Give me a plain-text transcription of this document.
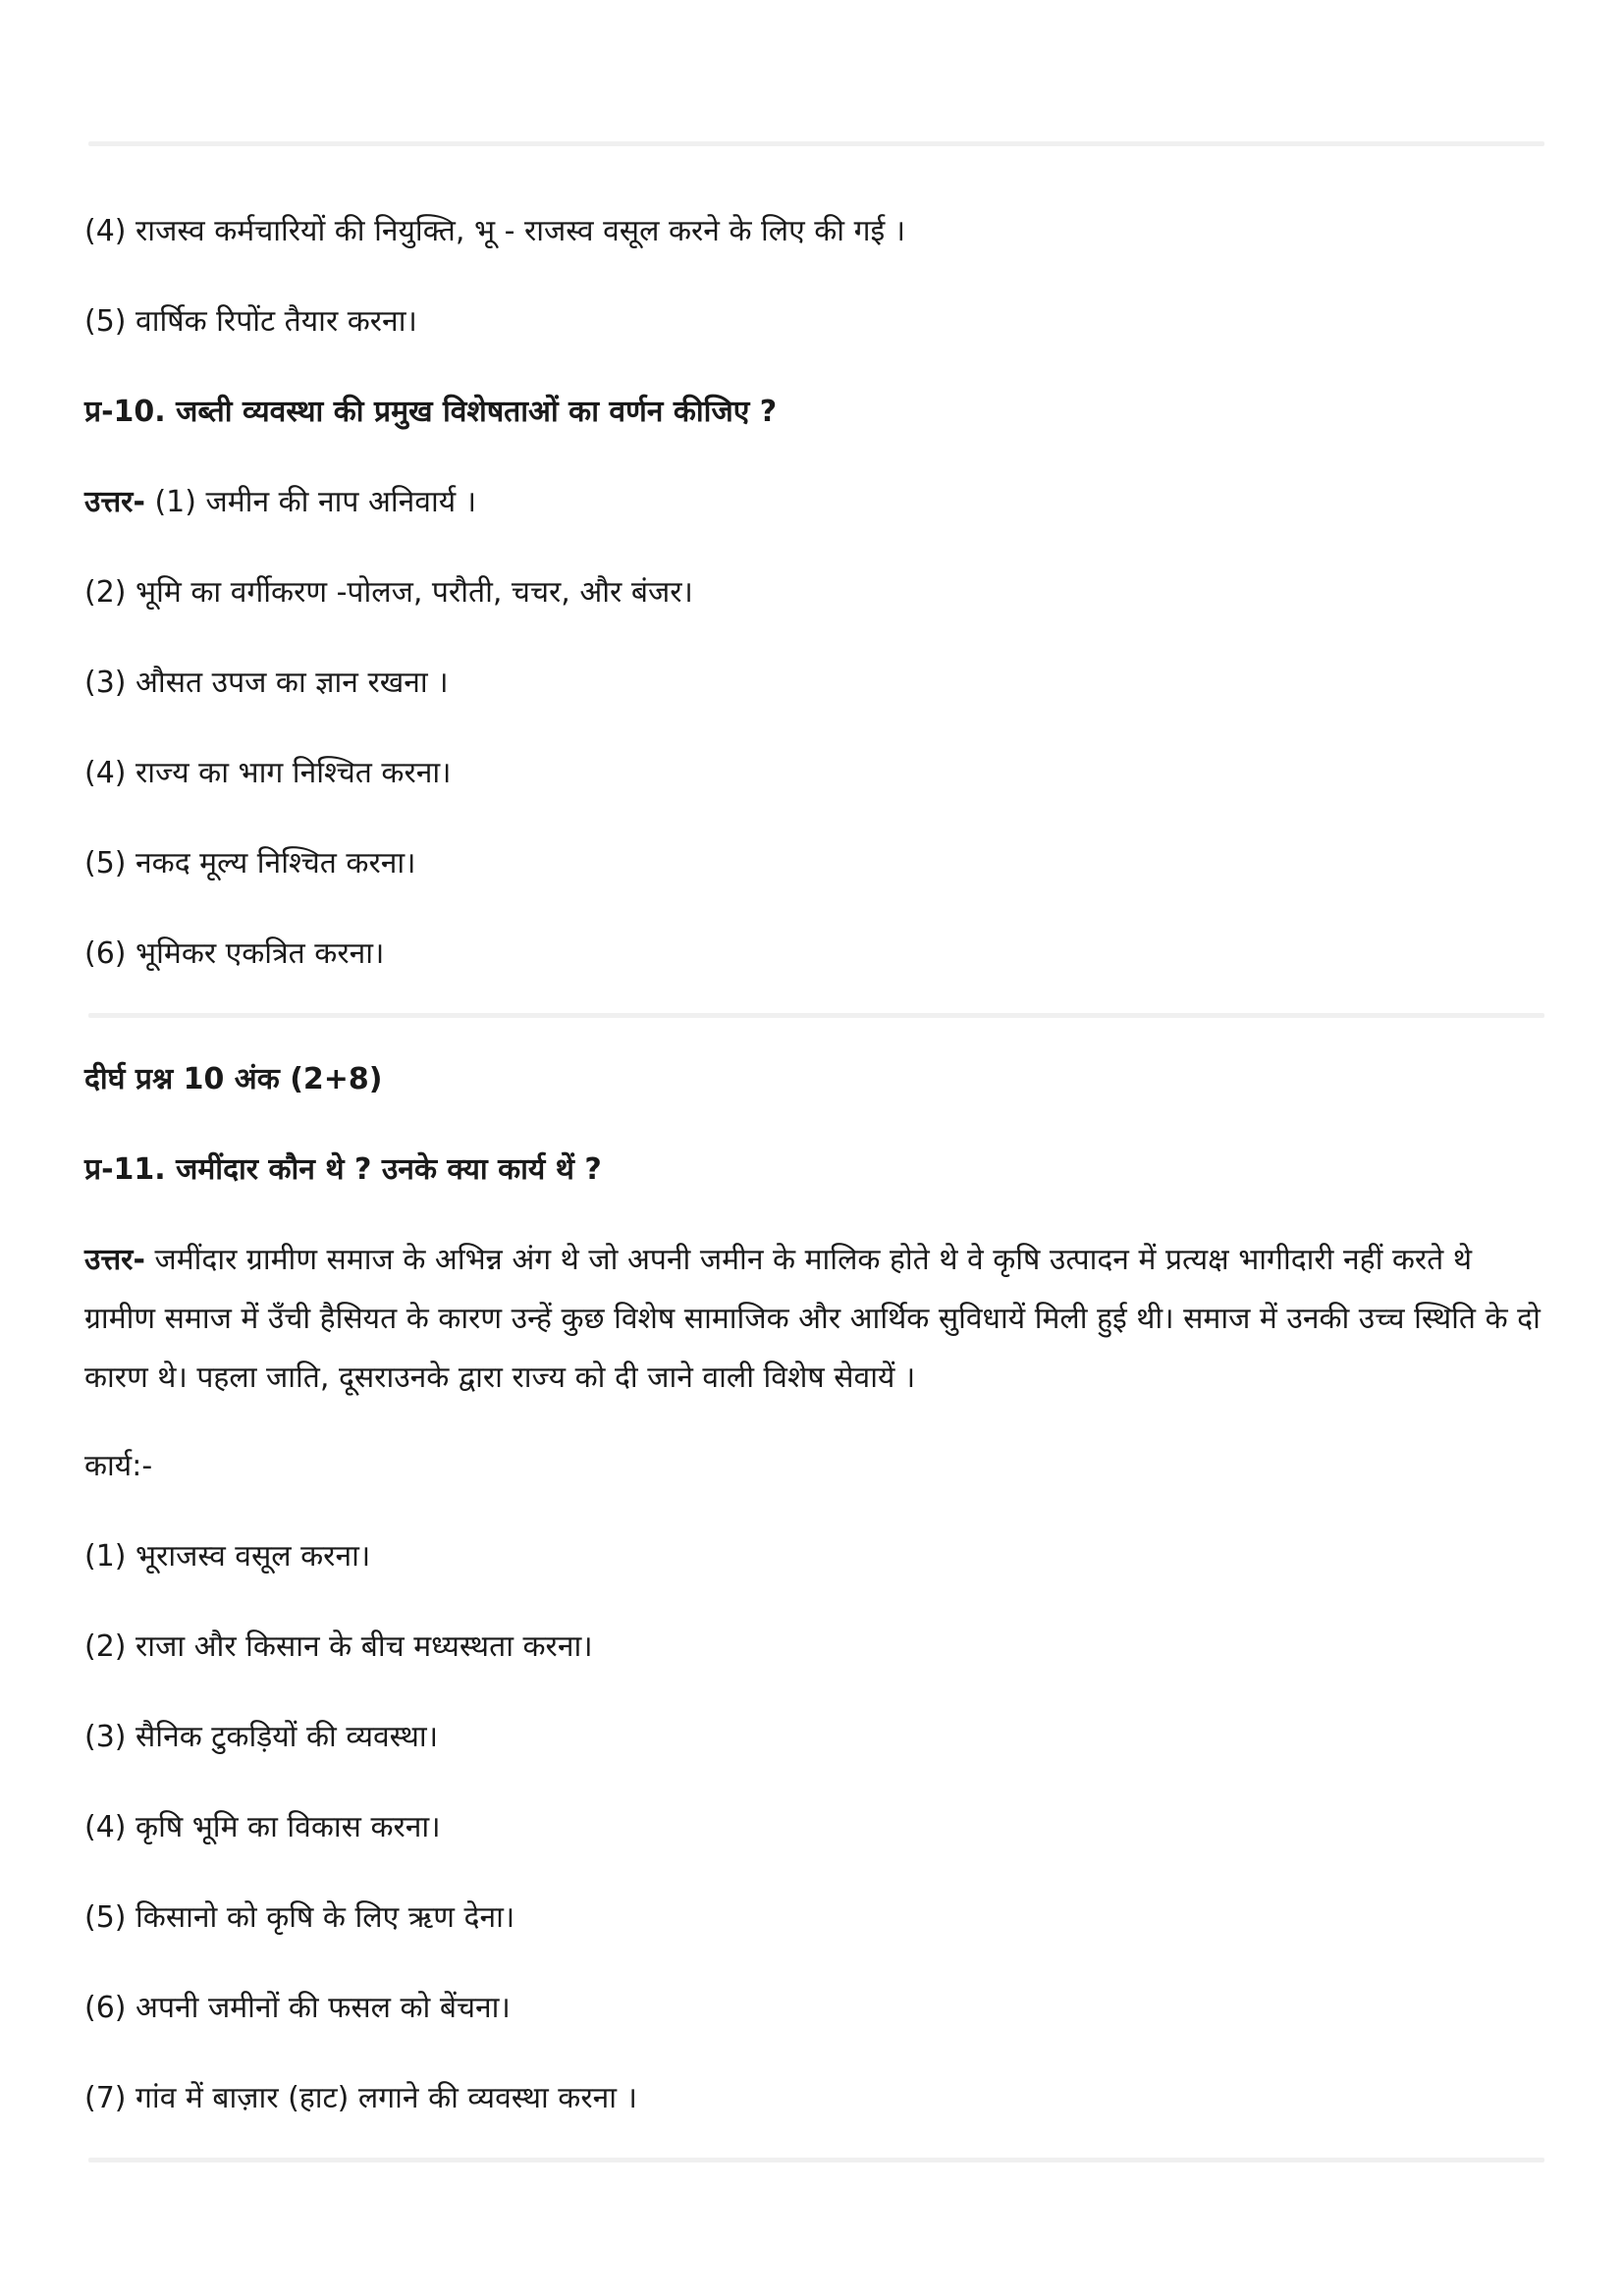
(4) राजस्व कर्मचारियों की नियुक्ति, भू - राजस्व वसूल करने के लिए की गई ।
(5) वार्षिक रिपोंट तैयार करना।
प्र-10. जब्ती व्यवस्था की प्रमुख विशेषताओं का वर्णन कीजिए ?
उत्तर- (1) जमीन की नाप अनिवार्य ।
(2) भूमि का वर्गीकरण -पोलज, परौती, चचर, और बंजर।
(3) औसत उपज का ज्ञान रखना ।
(4) राज्य का भाग निश्चित करना।
(5) नकद मूल्य निश्चित करना।
(6) भूमिकर एकत्रित करना।
दीर्घ प्रश्न 10 अंक (2+8)
प्र-11. जमींदार कौन थे ? उनके क्या कार्य थें ?
उत्तर- जमींदार ग्रामीण समाज के अभिन्न अंग थे जो अपनी जमीन के मालिक होते थे वे कृषि उत्पादन में प्रत्यक्ष भागीदारी नहीं करते थे ग्रामीण समाज में उँची हैसियत के कारण उन्हें कुछ विशेष सामाजिक और आर्थिक सुविधायें मिली हुई थी। समाज में उनकी उच्च स्थिति के दो कारण थे। पहला जाति, दूसराउनके द्वारा राज्य को दी जाने वाली विशेष सेवायें ।
कार्य:-
(1) भूराजस्व वसूल करना।
(2) राजा और किसान के बीच मध्यस्थता करना।
(3) सैनिक टुकड़ियों की व्यवस्था।
(4) कृषि भूमि का विकास करना।
(5) किसानो को कृषि के लिए ऋण देना।
(6) अपनी जमीनों की फसल को बेंचना।
(7) गांव में बाज़ार (हाट) लगाने की व्यवस्था करना ।
